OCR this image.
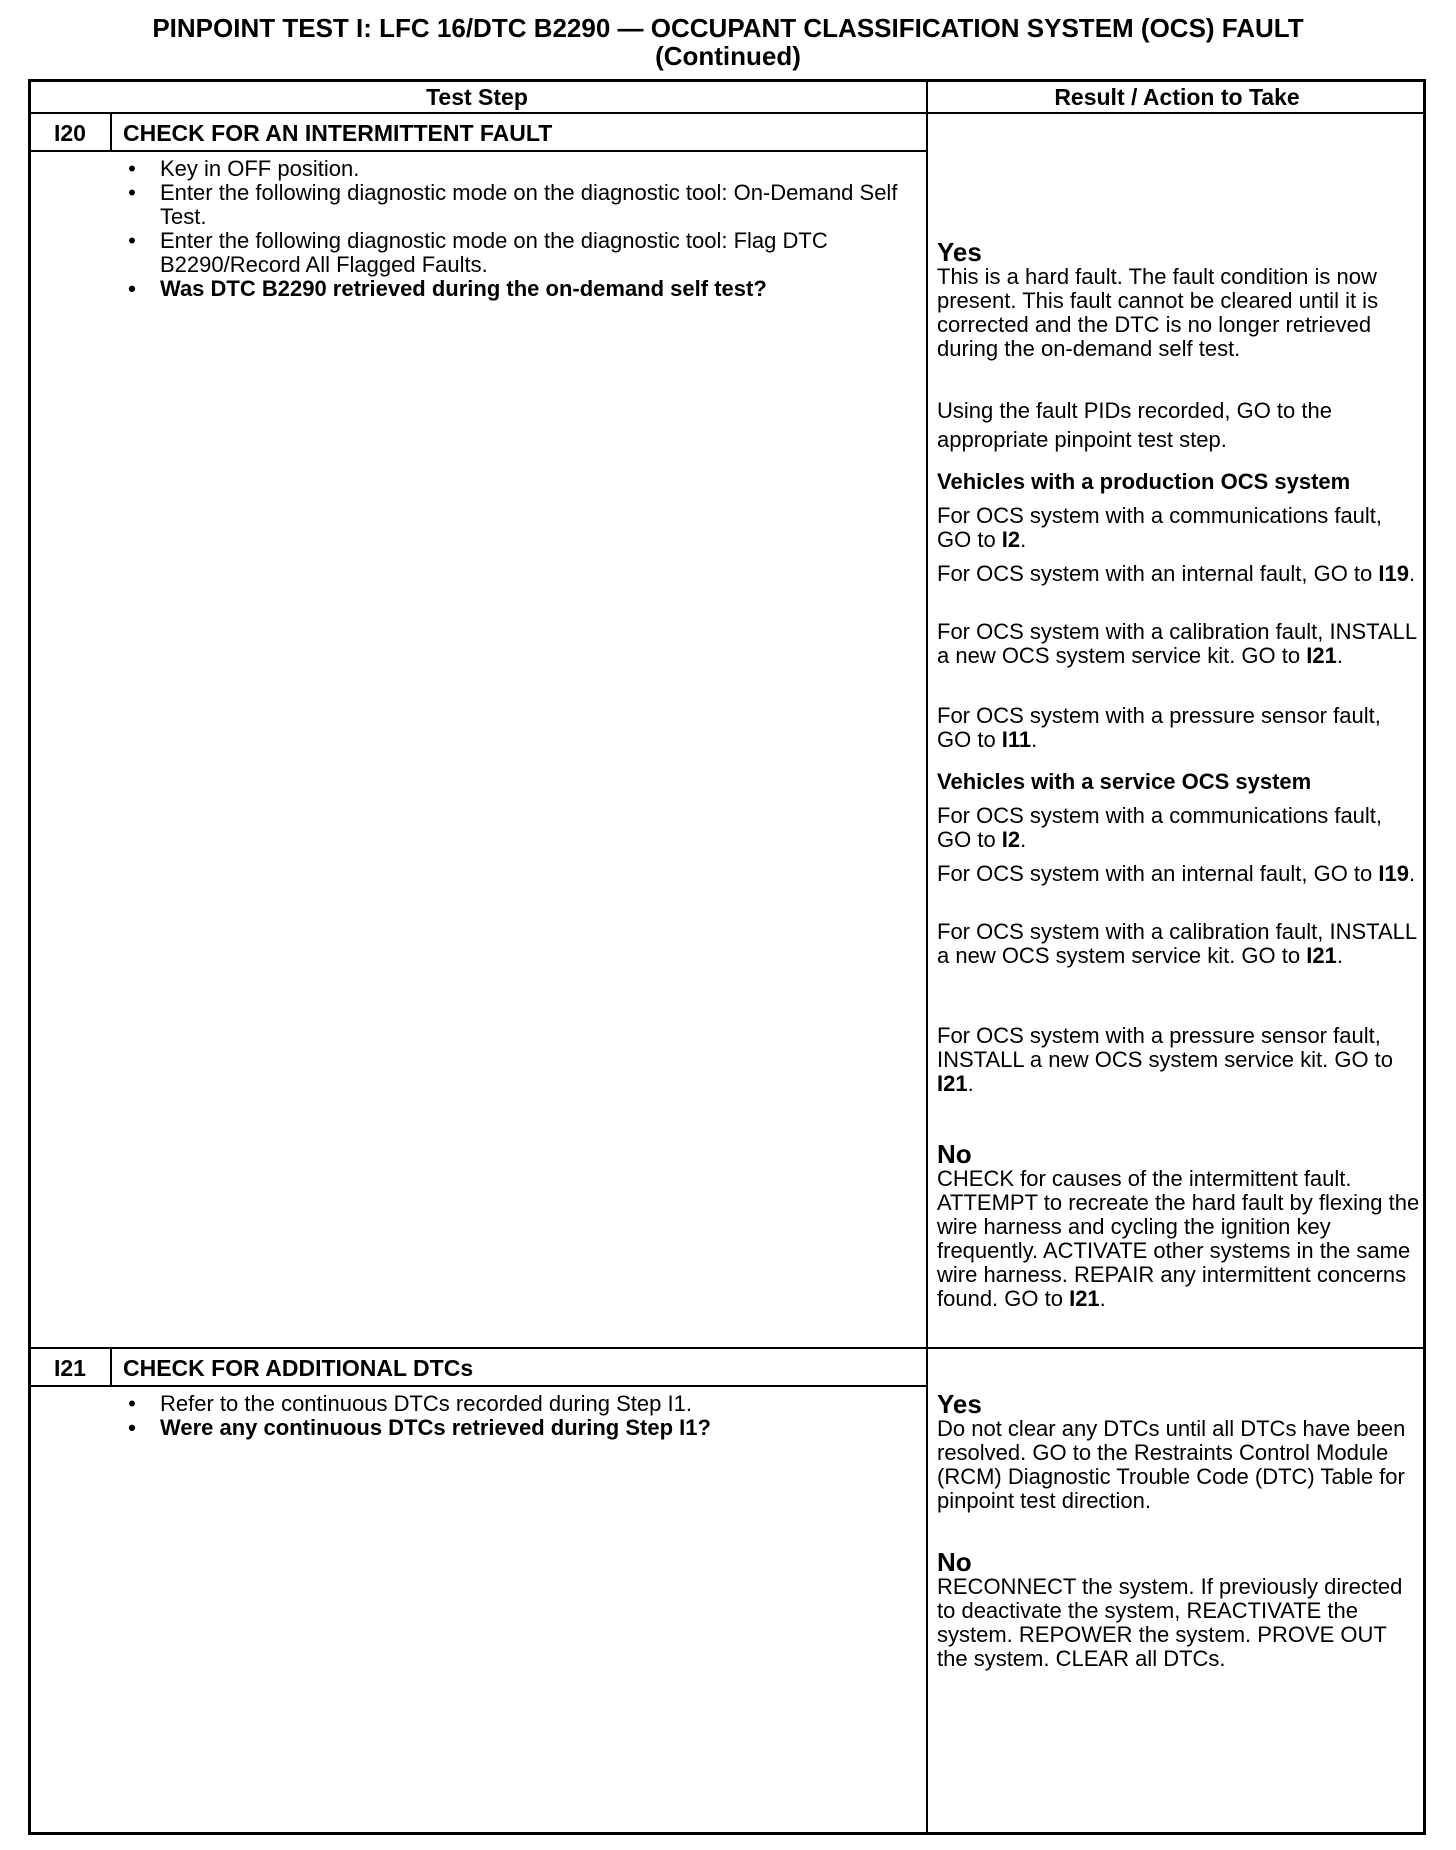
PINPOINT TEST I: LFC 16/DTC B2290 — OCCUPANT CLASSIFICATION SYSTEM (OCS) FAULT
(Continued)
Test Step	Result / Action to Take
I20	CHECK FOR AN INTERMITTENT FAULT
• Key in OFF position.
• Enter the following diagnostic mode on the diagnostic tool: On-Demand Self Test.
• Enter the following diagnostic mode on the diagnostic tool: Flag DTC B2290/Record All Flagged Faults.
• Was DTC B2290 retrieved during the on-demand self test?
Yes
This is a hard fault. The fault condition is now present. This fault cannot be cleared until it is corrected and the DTC is no longer retrieved during the on-demand self test.
Using the fault PIDs recorded, GO to the appropriate pinpoint test step.
Vehicles with a production OCS system
For OCS system with a communications fault, GO to I2.
For OCS system with an internal fault, GO to I19.
For OCS system with a calibration fault, INSTALL a new OCS system service kit. GO to I21.
For OCS system with a pressure sensor fault, GO to I11.
Vehicles with a service OCS system
For OCS system with a communications fault, GO to I2.
For OCS system with an internal fault, GO to I19.
For OCS system with a calibration fault, INSTALL a new OCS system service kit. GO to I21.
For OCS system with a pressure sensor fault, INSTALL a new OCS system service kit. GO to I21.
No
CHECK for causes of the intermittent fault. ATTEMPT to recreate the hard fault by flexing the wire harness and cycling the ignition key frequently. ACTIVATE other systems in the same wire harness. REPAIR any intermittent concerns found. GO to I21.
I21	CHECK FOR ADDITIONAL DTCs
• Refer to the continuous DTCs recorded during Step I1.
• Were any continuous DTCs retrieved during Step I1?
Yes
Do not clear any DTCs until all DTCs have been resolved. GO to the Restraints Control Module (RCM) Diagnostic Trouble Code (DTC) Table for pinpoint test direction.
No
RECONNECT the system. If previously directed to deactivate the system, REACTIVATE the system. REPOWER the system. PROVE OUT the system. CLEAR all DTCs.
